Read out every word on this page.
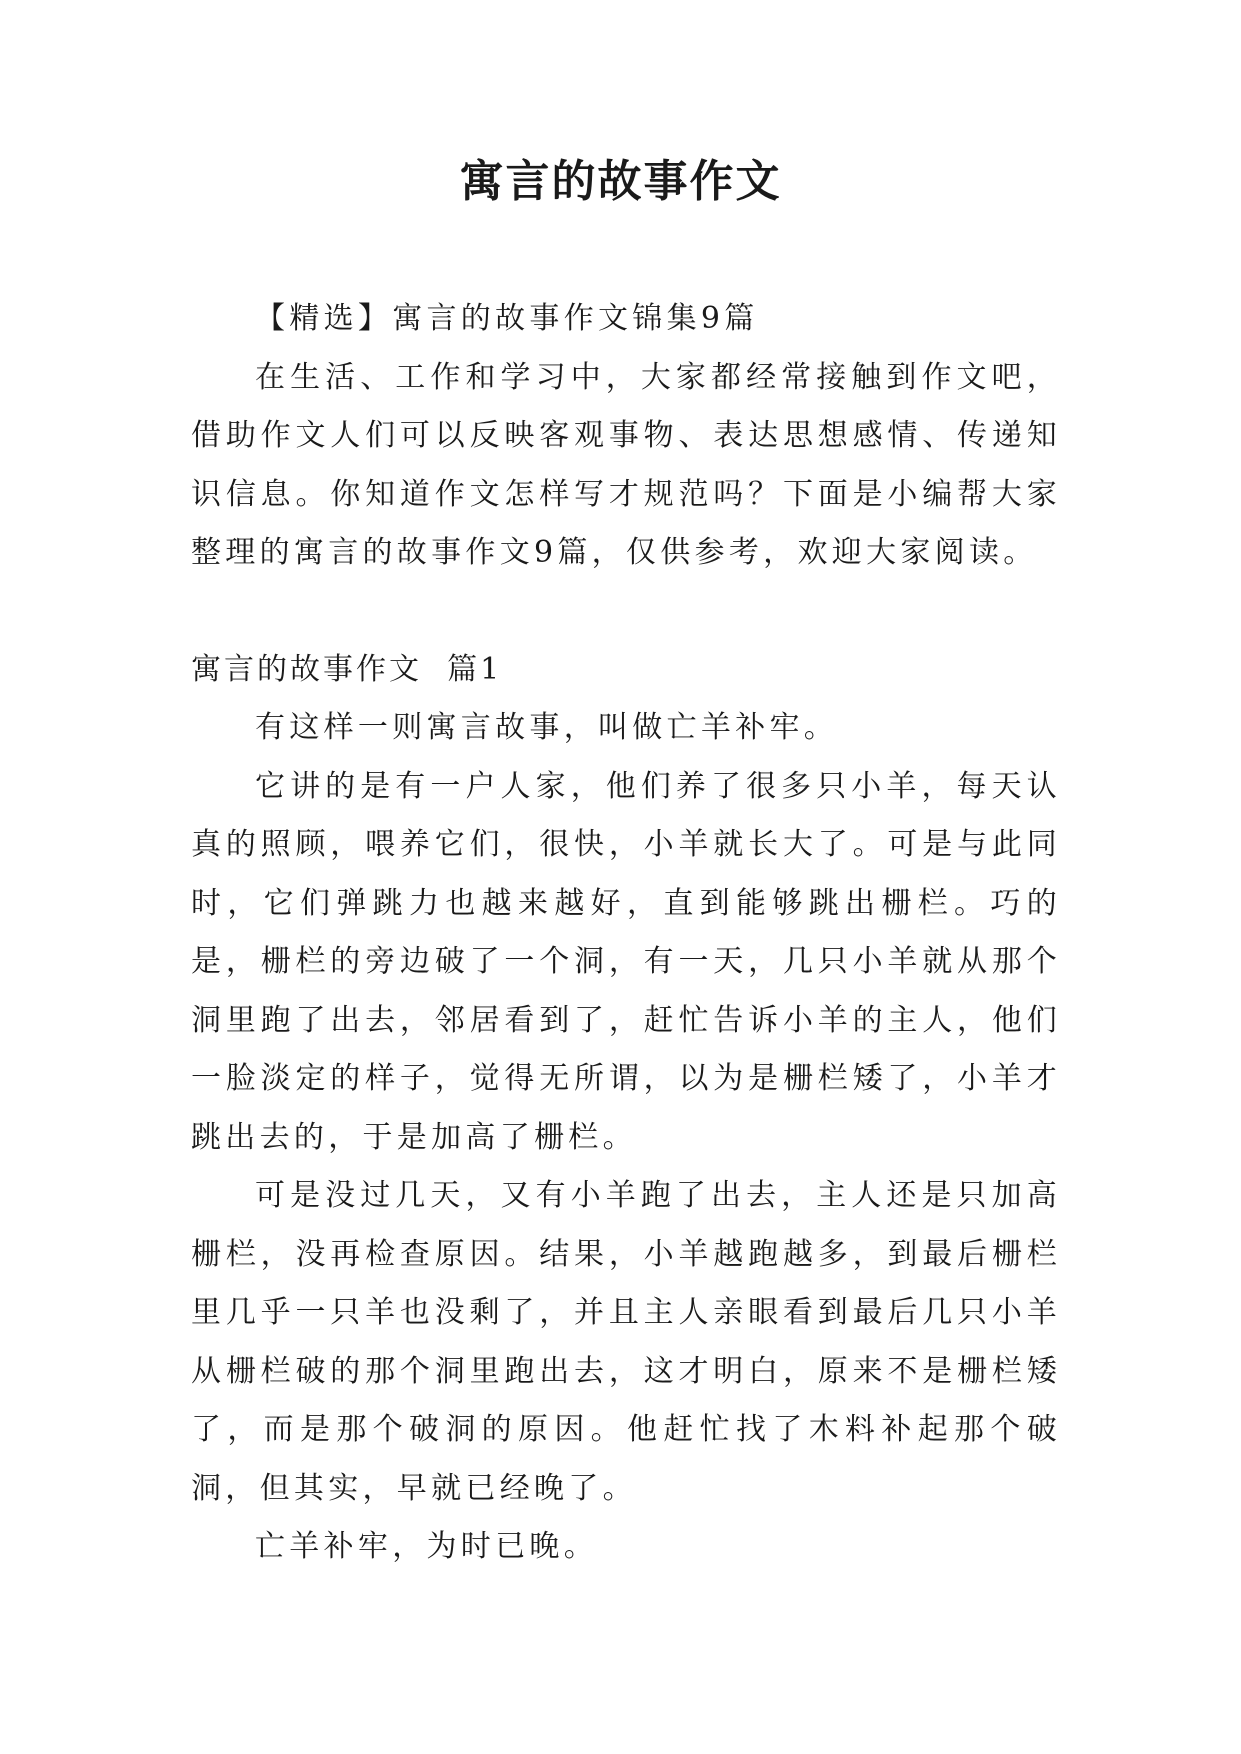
寓言的故事作文

【精选】寓言的故事作文锦集9篇

在生活、工作和学习中，大家都经常接触到作文吧，借助作文人们可以反映客观事物、表达思想感情、传递知识信息。你知道作文怎样写才规范吗？下面是小编帮大家整理的寓言的故事作文9篇，仅供参考，欢迎大家阅读。

寓言的故事作文  篇1

有这样一则寓言故事，叫做亡羊补牢。

它讲的是有一户人家，他们养了很多只小羊，每天认真的照顾，喂养它们，很快，小羊就长大了。可是与此同时，它们弹跳力也越来越好，直到能够跳出栅栏。巧的是，栅栏的旁边破了一个洞，有一天，几只小羊就从那个洞里跑了出去，邻居看到了，赶忙告诉小羊的主人，他们一脸淡定的样子，觉得无所谓，以为是栅栏矮了，小羊才跳出去的，于是加高了栅栏。

可是没过几天，又有小羊跑了出去，主人还是只加高栅栏，没再检查原因。结果，小羊越跑越多，到最后栅栏里几乎一只羊也没剩了，并且主人亲眼看到最后几只小羊从栅栏破的那个洞里跑出去，这才明白，原来不是栅栏矮了，而是那个破洞的原因。他赶忙找了木料补起那个破洞，但其实，早就已经晚了。

亡羊补牢，为时已晚。
